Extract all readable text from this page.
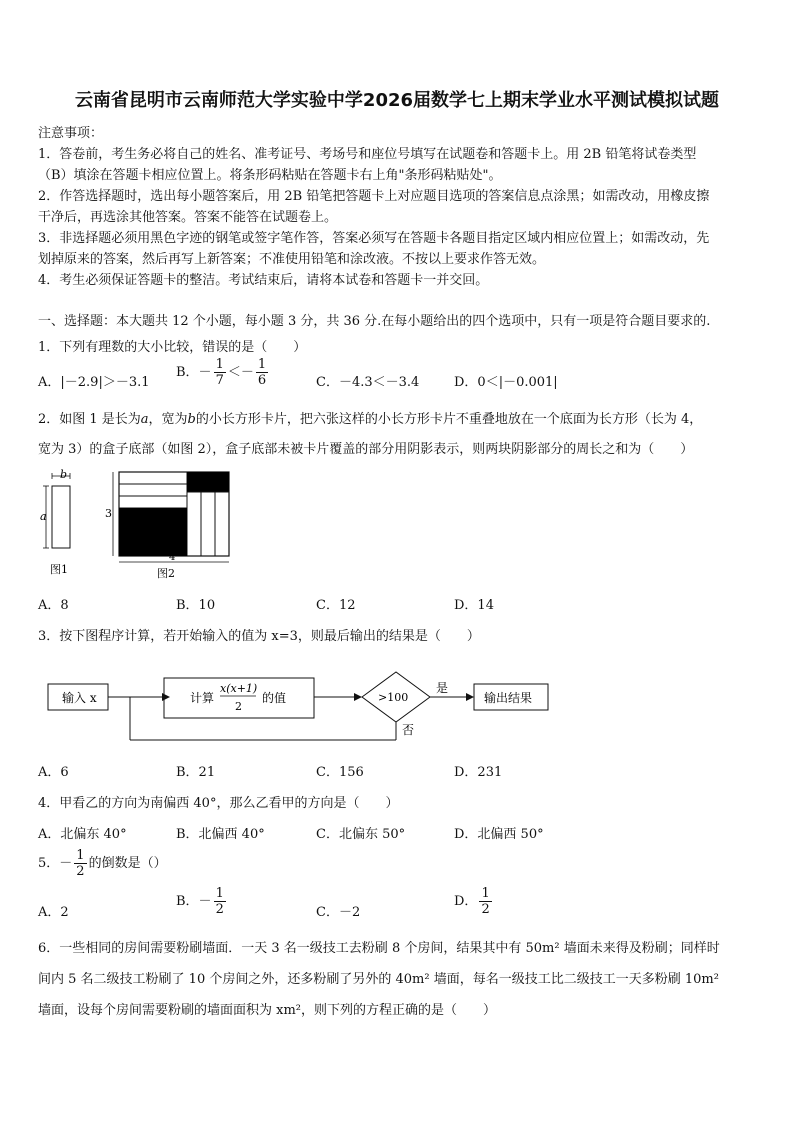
云南省昆明市云南师范大学实验中学2026届数学七上期末学业水平测试模拟试题
注意事项：
1．答卷前，考生务必将自己的姓名、准考证号、考场号和座位号填写在试题卷和答题卡上。用 2B 铅笔将试卷类型
（B）填涂在答题卡相应位置上。将条形码粘贴在答题卡右上角"条形码粘贴处"。
2．作答选择题时，选出每小题答案后，用 2B 铅笔把答题卡上对应题目选项的答案信息点涂黑；如需改动，用橡皮擦
干净后，再选涂其他答案。答案不能答在试题卷上。
3．非选择题必须用黑色字迹的钢笔或签字笔作答，答案必须写在答题卡各题目指定区域内相应位置上；如需改动，先
划掉原来的答案，然后再写上新答案；不准使用铅笔和涂改液。不按以上要求作答无效。
4．考生必须保证答题卡的整洁。考试结束后，请将本试卷和答题卡一并交回。
一、选择题：本大题共 12 个小题，每小题 3 分，共 36 分.在每小题给出的四个选项中，只有一项是符合题目要求的.
1．下列有理数的大小比较，错误的是（　　）
A．|－2.9|＞－3.1
B．－ $\frac{1}{7} <- \frac{1}{6}$	C．－4.3＜－3.4	D．0＜|－0.001|
2．如图 1 是长为𝑎，宽为𝑏的小长方形卡片，把六张这样的小长方形卡片不重叠地放在一个底面为长方形（长为 4，
宽为 3）的盒子底部（如图 2），盒子底部未被卡片覆盖的部分用阴影表示，则两块阴影部分的周长之和为（　　）
b
a
图1
3
4
图2
A．8	B．10	C．12	D．14
3．按下图程序计算，若开始输入的值为 x=3，则最后输出的结果是（　　）
输入 x	计算
x(x+1)
2
的值	>100
是
输出结果
否
A．6	B．21	C．156	D．231
4．甲看乙的方向为南偏西 40°，那么乙看甲的方向是（　　）
A．北偏东 40°	B．北偏西 40°	C．北偏东 50°	D．北偏西 50°
5．－ $\frac{1}{2}$ 的倒数是（）
A．2
B．－ $\frac{1}{2}$	C．－2
D． $\frac{1}{2}$
6．一些相同的房间需要粉刷墙面．一天 3 名一级技工去粉刷 8 个房间，结果其中有 50m² 墙面未来得及粉刷；同样时
间内 5 名二级技工粉刷了 10 个房间之外，还多粉刷了另外的 40m² 墙面，每名一级技工比二级技工一天多粉刷 10m²
墙面，设每个房间需要粉刷的墙面面积为 xm²，则下列的方程正确的是（　　）
